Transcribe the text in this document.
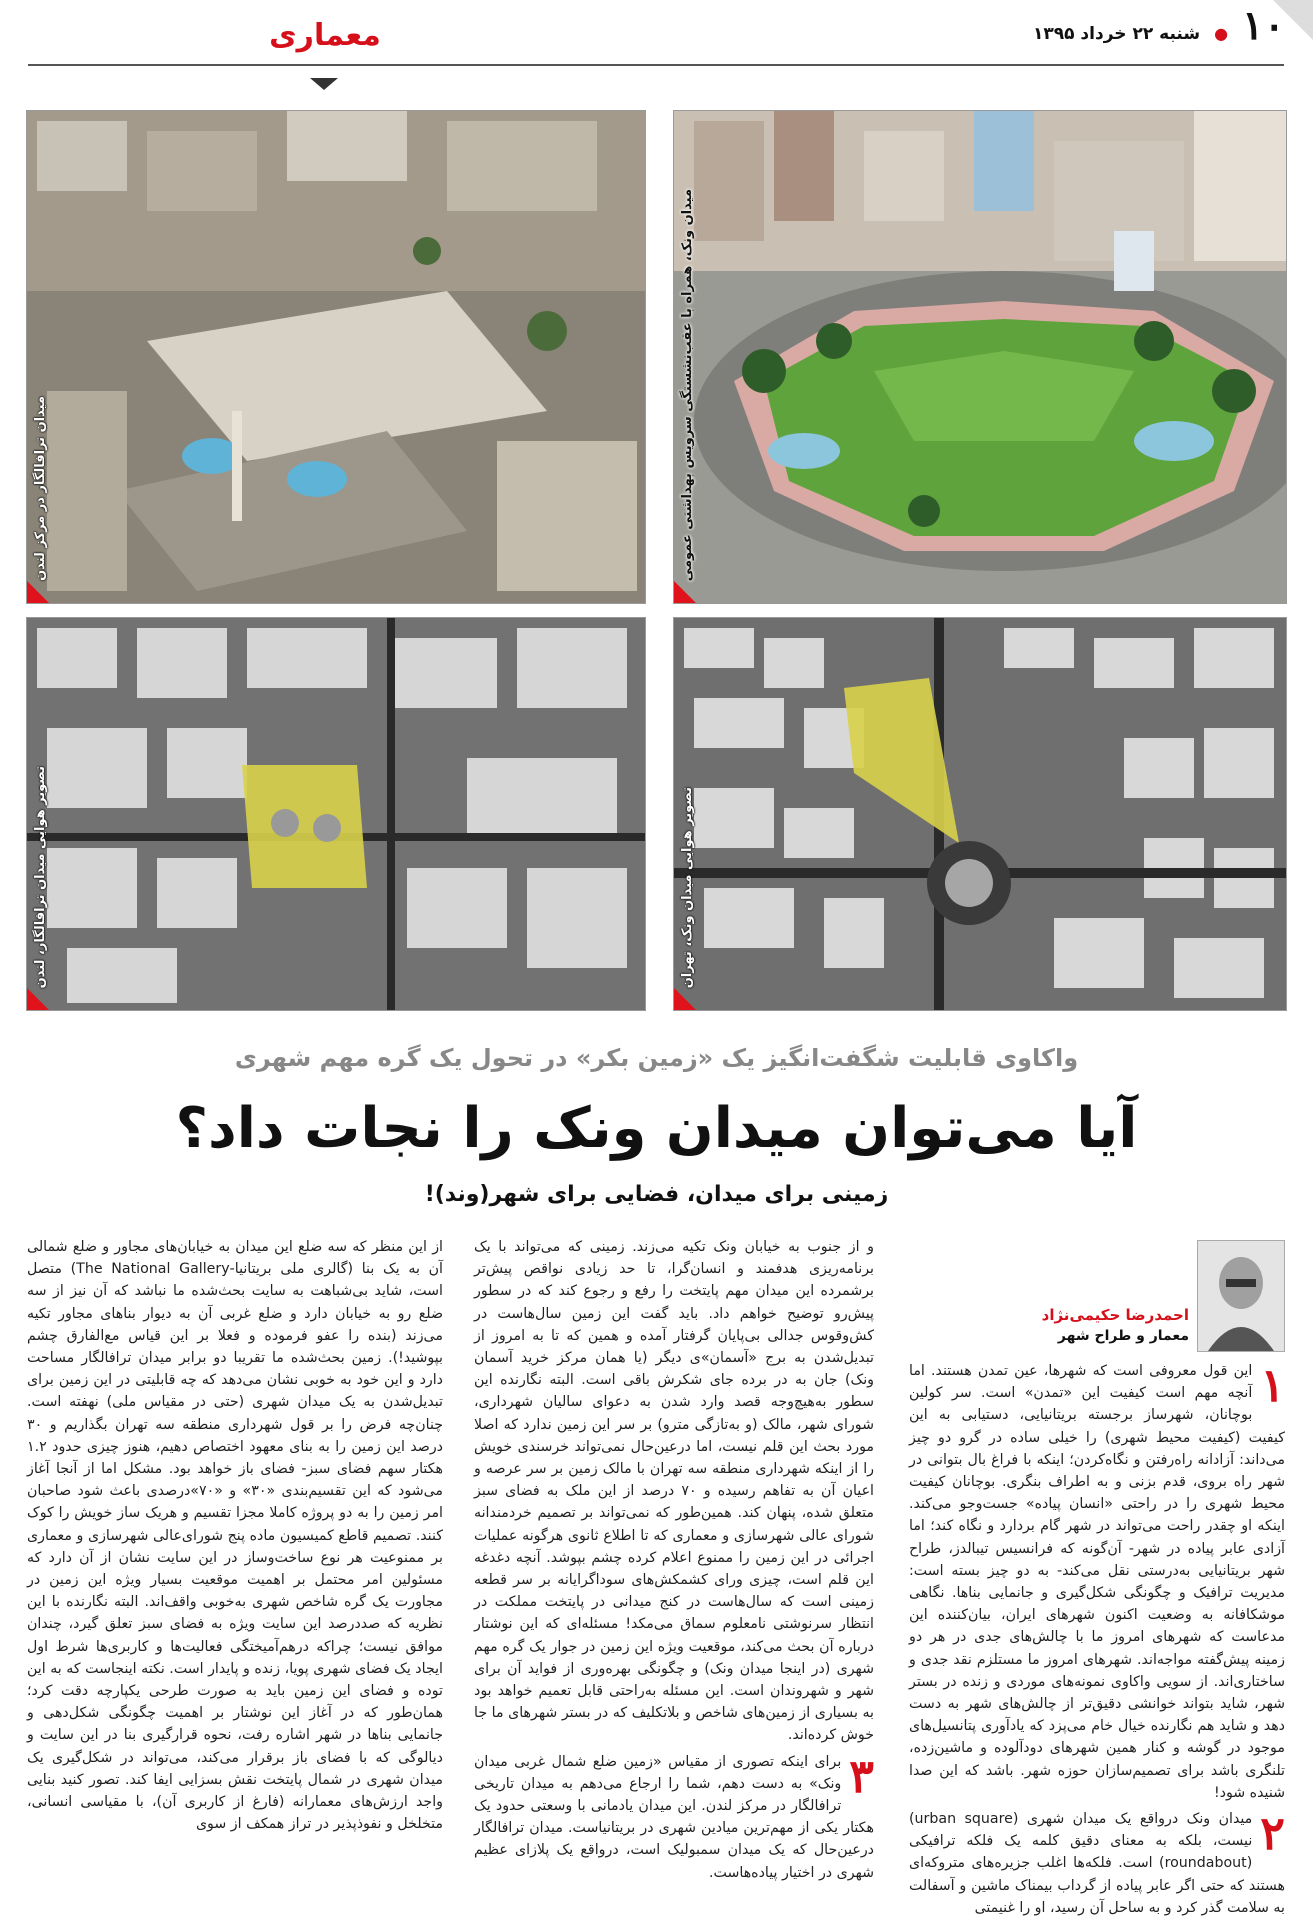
۱۰
●
شنبه ۲۲ خرداد ۱۳۹۵
معماری
میدان ونک، همراه با عقب‌نشستگی سرویس بهداشتی عمومی
میدان ترافالگار در مرکز لندن
تصویر هوایی میدان ونک، تهران
تصویر هوایی میدان ترافالگار، لندن
واکاوی قابلیت شگفت‌انگیز یک «زمین بکر» در تحول یک گره مهم شهری
آیا می‌توان میدان ونک را نجات داد؟
زمینی برای میدان، فضایی برای شهر(وند)!
احمدرضا حکیمی‌نژاد
معمار و طراح شهر

۱
این قول معروفی است که شهرها، عین تمدن هستند. اما آنچه مهم است کیفیت این «تمدن» است. سر کولین بوچانان، شهرساز برجسته بریتانیایی، دستیابی به این کیفیت (کیفیت محیط شهری) را خیلی ساده در گرو دو چیز می‌داند: آزادانه راه‌رفتن و نگاه‌کردن؛ اینکه با فراغ بال بتوانی در شهر راه بروی، قدم بزنی و به اطراف بنگری. بوچانان کیفیت محیط شهری را در راحتی «انسان پیاده» جست‌وجو می‌کند. اینکه او چقدر راحت می‌تواند در شهر گام بردارد و نگاه کند؛ اما آزادی عابر پیاده در شهر- آن‌گونه که فرانسیس تیبالدز، طراح شهر بریتانیایی به‌درستی نقل می‌کند- به دو چیز بسته است: مدیریت ترافیک و چگونگی شکل‌گیری و جانمایی بناها. نگاهی موشکافانه به وضعیت اکنون شهرهای ایران، بیان‌کننده این مدعاست که شهرهای امروز ما با چالش‌های جدی در هر دو زمینه پیش‌گفته مواجه‌اند. شهرهای امروز ما مستلزم نقد جدی و ساختاری‌اند. از سویی واکاوی نمونه‌های موردی و زنده در بستر شهر، شاید بتواند خوانشی دقیق‌تر از چالش‌های شهر به دست دهد و شاید هم نگارنده خیال خام می‌پزد که یادآوری پتانسیل‌های موجود در گوشه و کنار همین شهرهای دودآلوده و ماشین‌زده، تلنگری باشد برای تصمیم‌سازان حوزه شهر. باشد که این صدا شنیده شود!

۲
میدان ونک درواقع یک میدان شهری (urban square) نیست، بلکه به معنای دقیق کلمه یک فلکه ترافیکی (roundabout) است. فلکه‌ها اغلب جزیره‌های متروکه‌ای هستند که حتی اگر عابر پیاده از گرداب بیمناک ماشین و آسفالت به سلامت گذر کرد و به ساحل آن رسید، او را غنیمتی

و از جنوب به خیابان ونک تکیه می‌زند. زمینی که می‌تواند با یک برنامه‌ریزی هدفمند و انسان‌گرا، تا حد زیادی نواقص پیش‌تر برشمرده این میدان مهم پایتخت را رفع و رجوع کند که در سطور پیش‌رو توضیح خواهم داد. باید گفت این زمین سال‌هاست در کش‌وقوس جدالی بی‌پایان گرفتار آمده و همین که تا به امروز از تبدیل‌شدن به برج «آسمان»ی دیگر (یا همان مرکز خرید آسمان ونک) جان به در برده جای شکرش باقی است. البته نگارنده این سطور به‌هیچ‌وجه قصد وارد شدن به دعوای سالیان شهرداری، شورای شهر، مالک (و به‌تازگی مترو) بر سر این زمین ندارد که اصلا مورد بحث این قلم نیست، اما درعین‌حال نمی‌تواند خرسندی خویش را از اینکه شهرداری منطقه سه تهران با مالک زمین بر سر عرصه و اعیان آن به تفاهم رسیده و ۷۰ درصد از این ملک به فضای سبز متعلق شده، پنهان کند. همین‌طور که نمی‌تواند بر تصمیم خردمندانه شورای عالی شهرسازی و معماری که تا اطلاع ثانوی هرگونه عملیات اجرائی در این زمین را ممنوع اعلام کرده چشم بپوشد. آنچه دغدغه این قلم است، چیزی ورای کشمکش‌های سوداگرایانه بر سر قطعه زمینی است که سال‌هاست در کنج میدانی در پایتخت مملکت در انتظار سرنوشتی نامعلوم سماق می‌مکد! مسئله‌ای که این نوشتار درباره آن بحث می‌کند، موقعیت ویژه این زمین در جوار یک گره مهم شهری (در اینجا میدان ونک) و چگونگی بهره‌وری از فواید آن برای شهر و شهروندان است. این مسئله به‌راحتی قابل تعمیم خواهد بود به بسیاری از زمین‌های شاخص و بلاتکلیف که در بستر شهرهای ما جا خوش کرده‌اند.

۳
برای اینکه تصوری از مقیاس «زمین ضلع شمال غربی میدان ونک» به دست دهم، شما را ارجاع می‌دهم به میدان تاریخی ترافالگار در مرکز لندن. این میدان یادمانی با وسعتی حدود یک هکتار یکی از مهم‌ترین میادین شهری در بریتانیاست. میدان ترافالگار درعین‌حال که یک میدان سمبولیک است، درواقع یک پلازای عظیم شهری در اختیار پیاده‌هاست.

از این منظر که سه ضلع این میدان به خیابان‌های مجاور و ضلع شمالی آن به یک بنا (گالری ملی بریتانیا-The National Gallery) متصل است، شاید بی‌شباهت به سایت بحث‌شده ما نباشد که آن نیز از سه ضلع رو به خیابان دارد و ضلع غربی آن به دیوار بناهای مجاور تکیه می‌زند (بنده را عفو فرموده و فعلا بر این قیاس مع‌الفارق چشم بپوشید!). زمین بحث‌شده ما تقریبا دو برابر میدان ترافالگار مساحت دارد و این خود به خوبی نشان می‌دهد که چه قابلیتی در این زمین برای تبدیل‌شدن به یک میدان شهری (حتی در مقیاس ملی) نهفته است. چنان‌چه فرض را بر قول شهرداری منطقه سه تهران بگذاریم و ۳۰ درصد این زمین را به بنای معهود اختصاص دهیم، هنوز چیزی حدود ۱.۲ هکتار سهم فضای سبز- فضای باز خواهد بود. مشکل اما از آنجا آغاز می‌شود که این تقسیم‌بندی «۳۰» و «۷۰»درصدی باعث شود صاحبان امر زمین را به دو پروژه کاملا مجزا تقسیم و هریک ساز خویش را کوک کنند. تصمیم قاطع کمیسیون ماده پنج شورای‌عالی شهرسازی و معماری بر ممنوعیت هر نوع ساخت‌وساز در این سایت نشان از آن دارد که مسئولین امر محتمل بر اهمیت موقعیت بسیار ویژه این زمین در مجاورت یک گره شاخص شهری به‌خوبی واقف‌اند. البته نگارنده با این نظریه که صددرصد این سایت ویژه به فضای سبز تعلق گیرد، چندان موافق نیست؛ چراکه درهم‌آمیختگی فعالیت‌ها و کاربری‌ها شرط اول ایجاد یک فضای شهری پویا، زنده و پایدار است. نکته اینجاست که به این توده و فضای این زمین باید به صورت طرحی یکپارچه دقت کرد؛ همان‌طور که در آغاز این نوشتار بر اهمیت چگونگی شکل‌دهی و جانمایی بناها در شهر اشاره رفت، نحوه قرارگیری بنا در این سایت و دیالوگی که با فضای باز برقرار می‌کند، می‌تواند در شکل‌گیری یک میدان شهری در شمال پایتخت نقش بسزایی ایفا کند. تصور کنید بنایی واجد ارزش‌های معمارانه (فارغ از کاربری آن)، با مقیاسی انسانی، متخلخل و نفوذپذیر در تراز همکف از سوی
